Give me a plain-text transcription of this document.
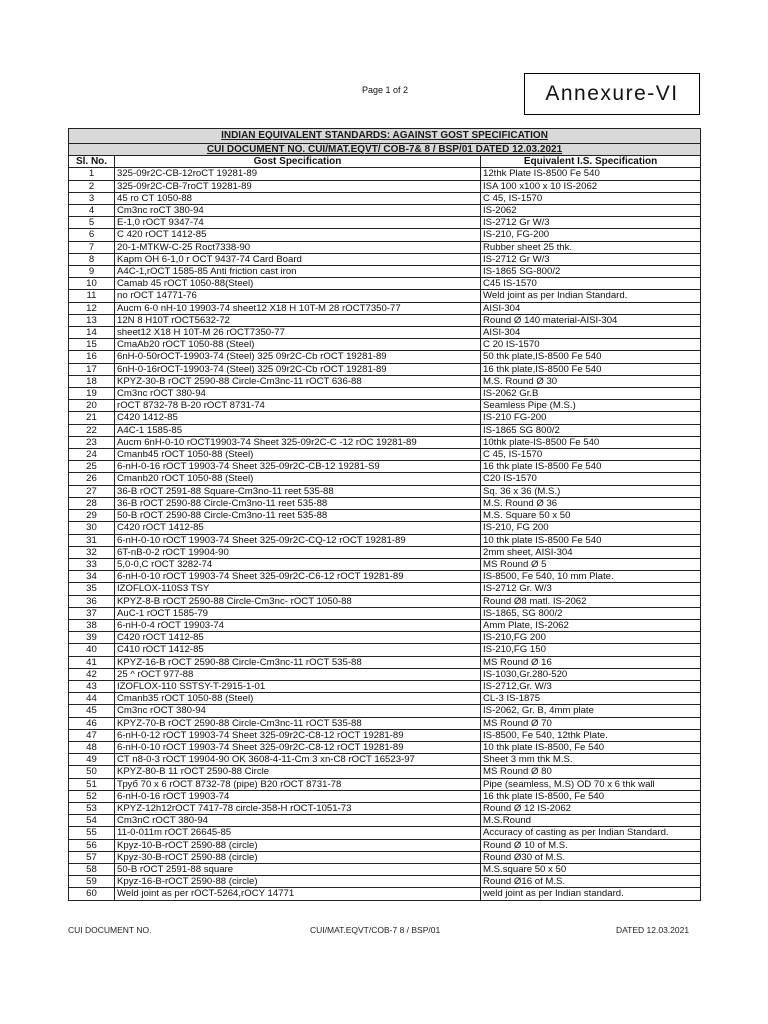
Page 1 of 2	Annexure-VI
INDIAN EQUIVALENT STANDARDS: AGAINST GOST SPECIFICATION		
CUI DOCUMENT NO. CUI/MAT.EQVT/ COB-7& 8 / BSP/01 DATED 12.03.2021		
Sl. No.	Gost Specification	Equivalent I.S. Specification
1	325-09r2C-CB-12roCT 19281-89	12thk Plate IS-8500 Fe 540
2	325-09r2C-CB-7roCT 19281-89	ISA 100 x100 x 10 IS-2062
3	45 ro CT 1050-88	C 45, IS-1570
4	Cm3nc roCT 380-94	IS-2062
5	E-1,0 rOCT 9347-74	IS-2712 Gr W/3
6	C 420 rOCT 1412-85	IS-210, FG-200
7	20-1-MTKW-C-25 Roct7338-90	Rubber sheet 25 thk.
8	Kapm OH 6-1,0 r OCT 9437-74 Card Board	IS-2712 Gr W/3
9	A4C-1,rOCT 1585-85 Anti friction cast iron	IS-1865 SG-800/2
10	Camab 45 rOCT 1050-88(Steel)	C45 IS-1570
11	no rOCT 14771-76	Weld joint as per Indian Standard.
12	Aucm 6-0 nH-10 19903-74 sheet12 X18 H 10T-M 28 rOCT7350-77	AISI-304
13	12N 8 H10T rOCT5632-72	Round Ø 140 material-AISI-304
14	sheet12 X18 H 10T-M 26 rOCT7350-77	AISI-304
15	CmaAb20 rOCT 1050-88 (Steel)	C 20 IS-1570
16	6nH-0-50rOCT-19903-74 (Steel) 325 09r2C-Cb rOCT 19281-89	50 thk plate,IS-8500 Fe 540
17	6nH-0-16rOCT-19903-74 (Steel) 325 09r2C-Cb rOCT 19281-89	16 thk plate,IS-8500 Fe 540
18	KPYZ-30-B rOCT 2590-88 Circle-Cm3nc-11 rOCT 636-88	M.S. Round Ø 30
19	Cm3nc rOCT 380-94	IS-2062 Gr.B
20	rOCT 8732-78 B-20 rOCT 8731-74	Seamless Pipe (M.S.)
21	C420 1412-85	IS-210 FG-200
22	A4C-1 1585-85	IS-1865 SG 800/2
23	Aucm 6nH-0-10 rOCT19903-74 Sheet 325-09r2C-C -12 rOC 19281-89	10thk plate-IS-8500 Fe 540
24	Cmanb45 rOCT 1050-88 (Steel)	C 45, IS-1570
25	6-nH-0-16 rOCT 19903-74 Sheet 325-09r2C-CB-12 19281-S9	16 thk plate IS-8500 Fe 540
26	Cmanb20 rOCT 1050-88 (Steel)	C20 IS-1570
27	36-B rOCT 2591-88 Square-Cm3no-11 reet 535-88	Sq. 36 x 36 (M.S.)
28	36-B rOCT 2590-88 Circle-Cm3no-11 reet 535-88	M.S. Round Ø 36
29	50-B rOCT 2590-88 Circle-Cm3no-11 reet 535-88	M.S. Square 50 x 50
30	C420 rOCT 1412-85	IS-210, FG 200
31	6-nH-0-10 rOCT 19903-74 Sheet 325-09r2C-CQ-12 rOCT 19281-89	10 thk plate IS-8500 Fe 540
32	6T-nB-0-2 rOCT 19904-90	2mm sheet, AISI-304
33	5,0-0,C rOCT 3282-74	MS Round Ø 5
34	6-nH-0-10 rOCT 19903-74 Sheet 325-09r2C-C6-12 rOCT 19281-89	IS-8500, Fe 540, 10 mm Plate.
35	IZOFLOX-110S3 TSY	IS-2712 Gr. W/3
36	KPYZ-8-B rOCT 2590-88 Circle-Cm3nc- rOCT 1050-88	Round Ø8 matl. IS-2062
37	AuC-1 rOCT 1585-79	IS-1865, SG 800/2
38	6-nH-0-4 rOCT 19903-74	Amm Plate, IS-2062
39	C420 rOCT 1412-85	IS-210,FG 200
40	C410 rOCT 1412-85	IS-210,FG 150
41	KPYZ-16-B rOCT 2590-88 Circle-Cm3nc-11 rOCT 535-88	MS Round Ø 16
42	25 ^ rOCT 977-88	IS-1030,Gr.280-520
43	IZOFLOX-110 SSTSY-T-2915-1-01	IS-2712,Gr. W/3
44	Cmanb35 rOCT 1050-88 (Steel)	CL-3 IS-1875
45	Cm3nc rOCT 380-94	IS-2062, Gr. B, 4mm plate
46	KPYZ-70-B rOCT 2590-88 Circle-Cm3nc-11 rOCT 535-88	MS Round Ø 70
47	6-nH-0-12 rOCT 19903-74 Sheet 325-09r2C-C8-12 rOCT 19281-89	IS-8500, Fe 540, 12thk Plate.
48	6-nH-0-10 rOCT 19903-74 Sheet 325-09r2C-C8-12 rOCT 19281-89	10 thk plate IS-8500, Fe 540
49	CT n8-0-3 rOCT 19904-90 OK 3608-4-11-Cm 3 xn-C8 rOCT 16523-97	Sheet 3 mm thk M.S.
50	KPYZ-80-B 11 rOCT 2590-88 Circle	MS Round Ø 80
51	Труб 70 x 6 rOCT 8732-78 (pipe) B20 rOCT 8731-78	Pipe (seamless, M.S) OD 70 x 6 thk wall
52	6-nH-0-16 rOCT 19903-74	16 thk plate IS-8500, Fe 540
53	KPYZ-12h12rOCT 7417-78 circle-358-H rOCT-1051-73	Round Ø 12 IS-2062
54	Cm3nC rOCT 380-94	M.S.Round
55	11-0-011m rOCT 26645-85	Accuracy of casting as per Indian Standard.
56	Kpyz-10-B-rOCT 2590-88 (circle)	Round Ø 10 of M.S.
57	Kpyz-30-B-rOCT 2590-88 (circle)	Round Ø30 of M.S.
58	50-B rOCT 2591-88 square	M.S.square 50 x 50
59	Kpyz-16-B-rOCT 2590-88 (circle)	Round Ø16 of M.S.
60	Weld joint as per rOCT-5264,rOCY 14771	weld joint as per Indian standard.
CUI DOCUMENT NO.	CUI/MAT.EQVT/COB-7 8 / BSP/01	DATED 12.03.2021
